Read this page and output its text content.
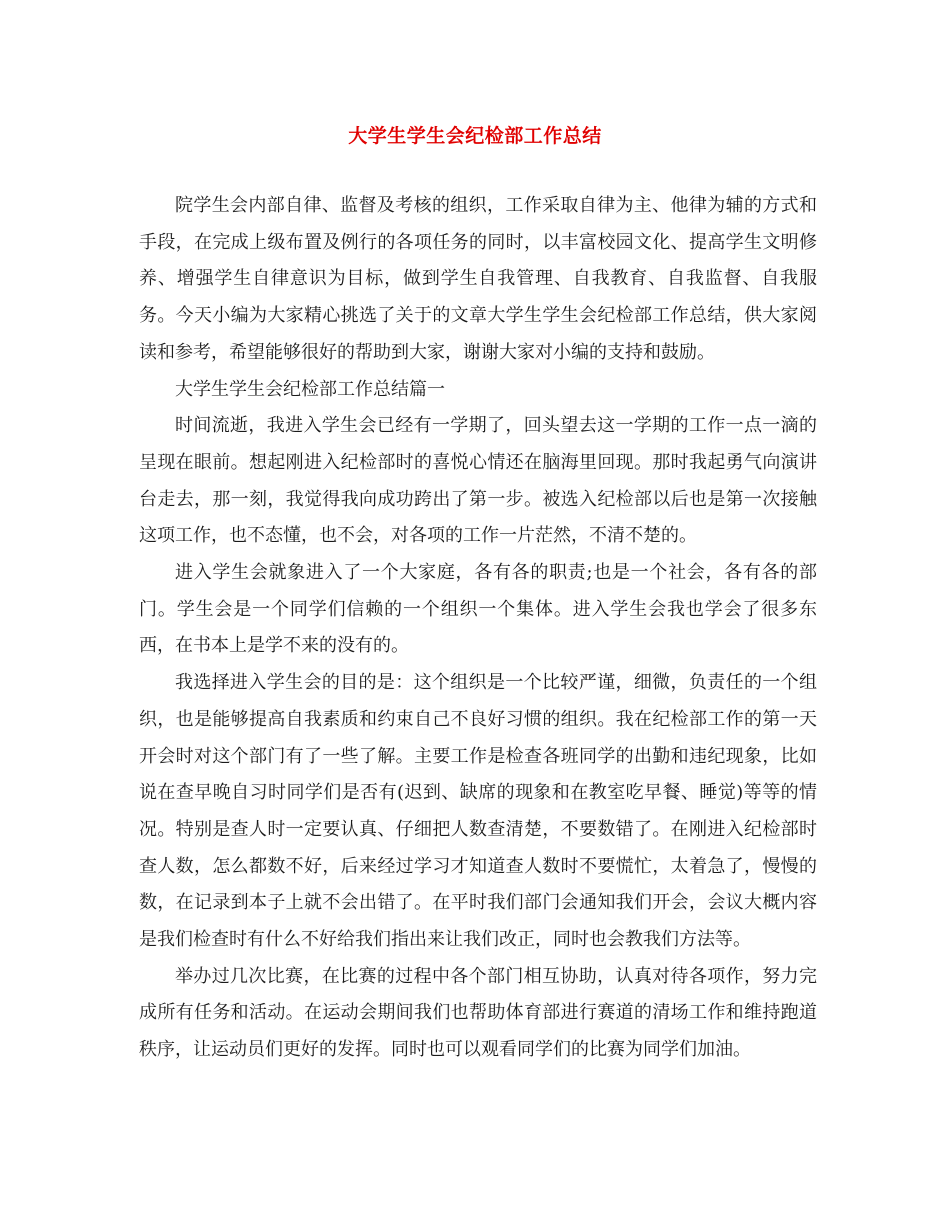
大学生学生会纪检部工作总结

院学生会内部自律、监督及考核的组织，工作采取自律为主、他律为辅的方式和手段，在完成上级布置及例行的各项任务的同时，以丰富校园文化、提高学生文明修养、增强学生自律意识为目标，做到学生自我管理、自我教育、自我监督、自我服务。今天小编为大家精心挑选了关于的文章大学生学生会纪检部工作总结，供大家阅读和参考，希望能够很好的帮助到大家，谢谢大家对小编的支持和鼓励。

大学生学生会纪检部工作总结篇一

时间流逝，我进入学生会已经有一学期了，回头望去这一学期的工作一点一滴的呈现在眼前。想起刚进入纪检部时的喜悦心情还在脑海里回现。那时我起勇气向演讲台走去，那一刻，我觉得我向成功跨出了第一步。被选入纪检部以后也是第一次接触这项工作，也不态懂，也不会，对各项的工作一片茫然，不清不楚的。

进入学生会就象进入了一个大家庭，各有各的职责;也是一个社会，各有各的部门。学生会是一个同学们信赖的一个组织一个集体。进入学生会我也学会了很多东西，在书本上是学不来的没有的。

我选择进入学生会的目的是：这个组织是一个比较严谨，细微，负责任的一个组织，也是能够提高自我素质和约束自己不良好习惯的组织。我在纪检部工作的第一天开会时对这个部门有了一些了解。主要工作是检查各班同学的出勤和违纪现象，比如说在查早晚自习时同学们是否有(迟到、缺席的现象和在教室吃早餐、睡觉)等等的情况。特别是查人时一定要认真、仔细把人数查清楚，不要数错了。在刚进入纪检部时查人数，怎么都数不好，后来经过学习才知道查人数时不要慌忙，太着急了，慢慢的数，在记录到本子上就不会出错了。在平时我们部门会通知我们开会，会议大概内容是我们检查时有什么不好给我们指出来让我们改正，同时也会教我们方法等。

举办过几次比赛，在比赛的过程中各个部门相互协助，认真对待各项作，努力完成所有任务和活动。在运动会期间我们也帮助体育部进行赛道的清场工作和维持跑道秩序，让运动员们更好的发挥。同时也可以观看同学们的比赛为同学们加油。
